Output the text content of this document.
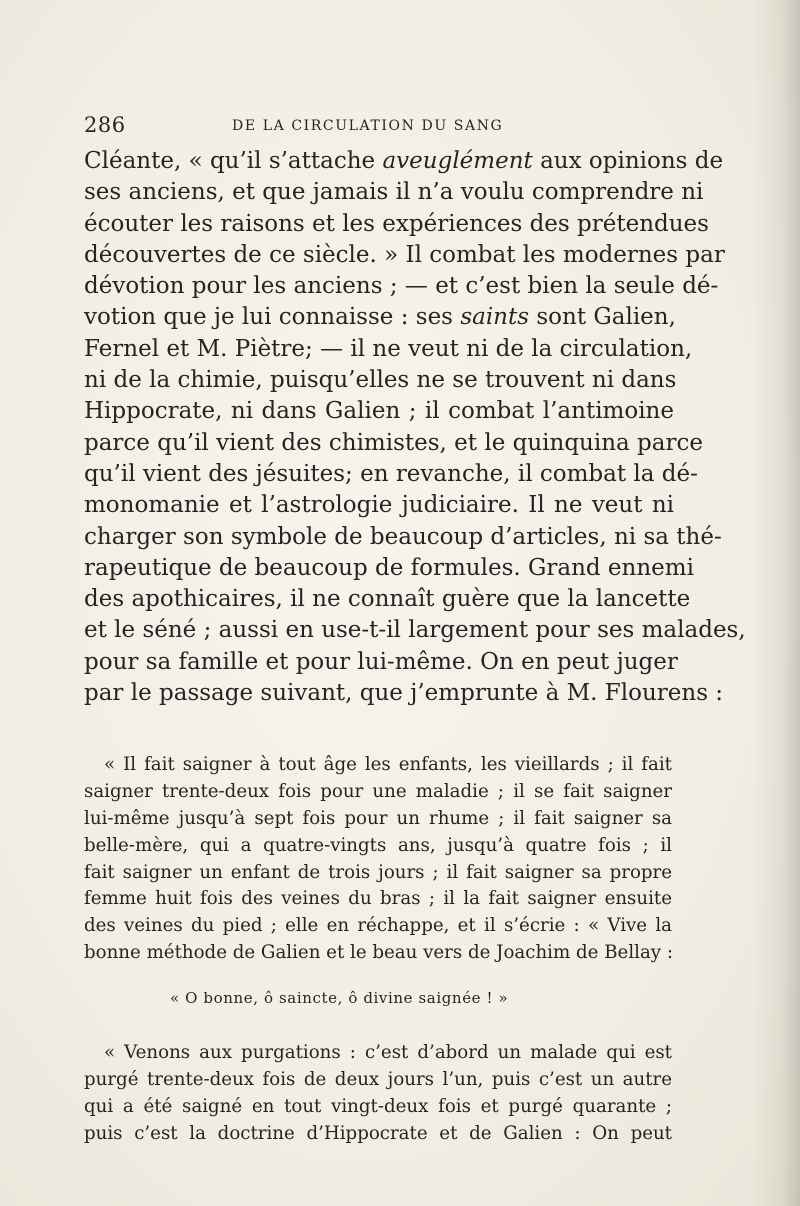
286	DE LA CIRCULATION DU SANG
Cléante, « qu’il s’attache aveuglément aux opinions de
ses anciens, et que jamais il n’a voulu comprendre ni
écouter les raisons et les expériences des prétendues
découvertes de ce siècle. » Il combat les modernes par
dévotion pour les anciens ; — et c’est bien la seule dé-
votion que je lui connaisse : ses saints sont Galien,
Fernel et M. Piètre; — il ne veut ni de la circulation,
ni de la chimie, puisqu’elles ne se trouvent ni dans
Hippocrate, ni dans Galien ; il combat l’antimoine
parce qu’il vient des chimistes, et le quinquina parce
qu’il vient des jésuites; en revanche, il combat la dé-
monomanie et l’astrologie judiciaire. Il ne veut ni
charger son symbole de beaucoup d’articles, ni sa thé-
rapeutique de beaucoup de formules. Grand ennemi
des apothicaires, il ne connaît guère que la lancette
et le séné ; aussi en use-t-il largement pour ses malades,
pour sa famille et pour lui-même. On en peut juger
par le passage suivant, que j’emprunte à M. Flourens :
« Il fait saigner à tout âge les enfants, les vieillards ; il fait
saigner trente-deux fois pour une maladie ; il se fait saigner
lui-même jusqu’à sept fois pour un rhume ; il fait saigner sa
belle-mère, qui a quatre-vingts ans, jusqu’à quatre fois ; il
fait saigner un enfant de trois jours ; il fait saigner sa propre
femme huit fois des veines du bras ; il la fait saigner ensuite
des veines du pied ; elle en réchappe, et il s’écrie : « Vive la
bonne méthode de Galien et le beau vers de Joachim de Bellay :
« O bonne, ô saincte, ô divine saignée ! »
« Venons aux purgations : c’est d’abord un malade qui est
purgé trente-deux fois de deux jours l’un, puis c’est un autre
qui a été saigné en tout vingt-deux fois et purgé quarante ;
puis c’est la doctrine d’Hippocrate et de Galien : On peut
